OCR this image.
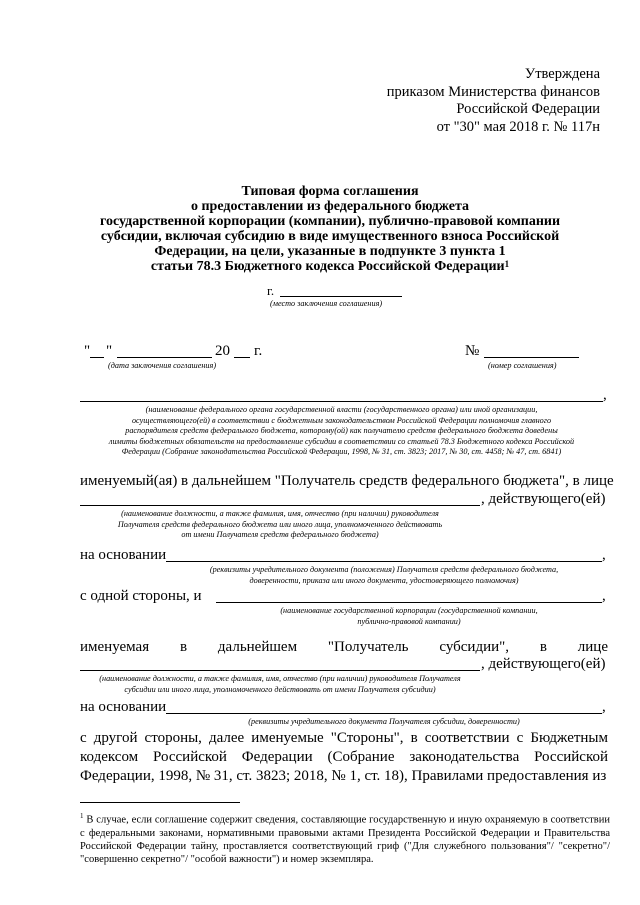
Утверждена
приказом Министерства финансов
Российской Федерации
от "30" мая 2018 г. № 117н
Типовая форма соглашения
о предоставлении из федерального бюджета
государственной корпорации (компании), публично-правовой компании
субсидии, включая субсидию в виде имущественного взноса Российской
Федерации, на цели, указанные в подпункте 3 пункта 1
статьи 78.3 Бюджетного кодекса Российской Федерации$^1$
г.
(место заключения соглашения)
" "	20 г.
(дата заключения соглашения)
№
(номер соглашения)
,
(наименование федерального органа государственной власти (государственного органа) или иной организации,
осуществляющего(ей) в соответствии с бюджетным законодательством Российской Федерации полномочия главного
распорядителя средств федерального бюджета, которому(ой) как получателю средств федерального бюджета доведены
лимиты бюджетных обязательств на предоставление субсидии в соответствии со статьей 78.3 Бюджетного кодекса Российской
Федерации (Собрание законодательства Российской Федерации, 1998, № 31, ст. 3823; 2017, № 30, ст. 4458; № 47, ст. 6841)
именуемый(ая) в дальнейшем "Получатель средств федерального бюджета", в лице
, действующего(ей)
(наименование должности, а также фамилия, имя, отчество (при наличии) руководителя
Получателя средств федерального бюджета или иного лица, уполномоченного действовать
от имени Получателя средств федерального бюджета)
на основании	,
(реквизиты учредительного документа (положения) Получателя средств федерального бюджета,
доверенности, приказа или иного документа, удостоверяющего полномочия)
с одной стороны, и	,
(наименование государственной корпорации (государственной компании,
публично-правовой компании)
именуемая в дальнейшем "Получатель субсидии", в лице
, действующего(ей)
(наименование должности, а также фамилия, имя, отчество (при наличии) руководителя Получателя
субсидии или иного лица, уполномоченного действовать от имени Получателя субсидии)
на основании	,
(реквизиты учредительного документа Получателя субсидии, доверенности)
с другой стороны, далее именуемые "Стороны", в соответствии с Бюджетным кодексом Российской Федерации (Собрание законодательства Российской Федерации, 1998, № 31, ст. 3823; 2018, № 1, ст. 18), Правилами предоставления из
$^1$ В случае, если соглашение содержит сведения, составляющие государственную и иную охраняемую в соответствии с федеральными законами, нормативными правовыми актами Президента Российской Федерации и Правительства Российской Федерации тайну, проставляется соответствующий гриф ("Для служебного пользования"/ "секретно"/ "совершенно секретно"/ "особой важности") и номер экземпляра.
